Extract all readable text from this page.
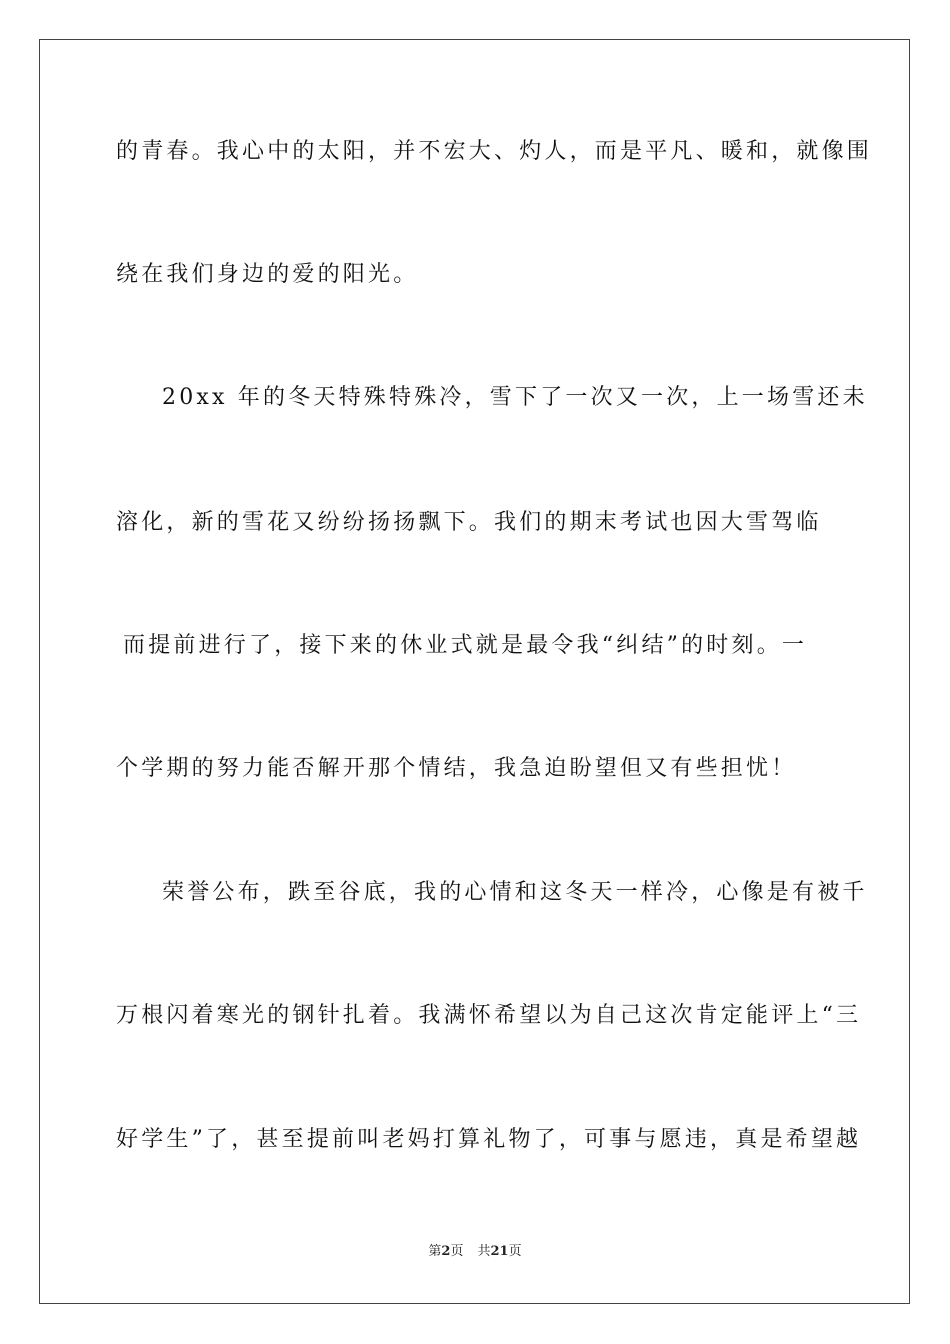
的青春。我心中的太阳，并不宏大、灼人，而是平凡、暖和，就像围
绕在我们身边的爱的阳光。
20xx 年的冬天特殊特殊冷，雪下了一次又一次，上一场雪还未
溶化，新的雪花又纷纷扬扬飘下。我们的期末考试也因大雪驾临
而提前进行了，接下来的休业式就是最令我“纠结”的时刻。一
个学期的努力能否解开那个情结，我急迫盼望但又有些担忧！
荣誉公布，跌至谷底，我的心情和这冬天一样冷，心像是有被千
万根闪着寒光的钢针扎着。我满怀希望以为自己这次肯定能评上“三
好学生”了，甚至提前叫老妈打算礼物了，可事与愿违，真是希望越
第2页 共21页
